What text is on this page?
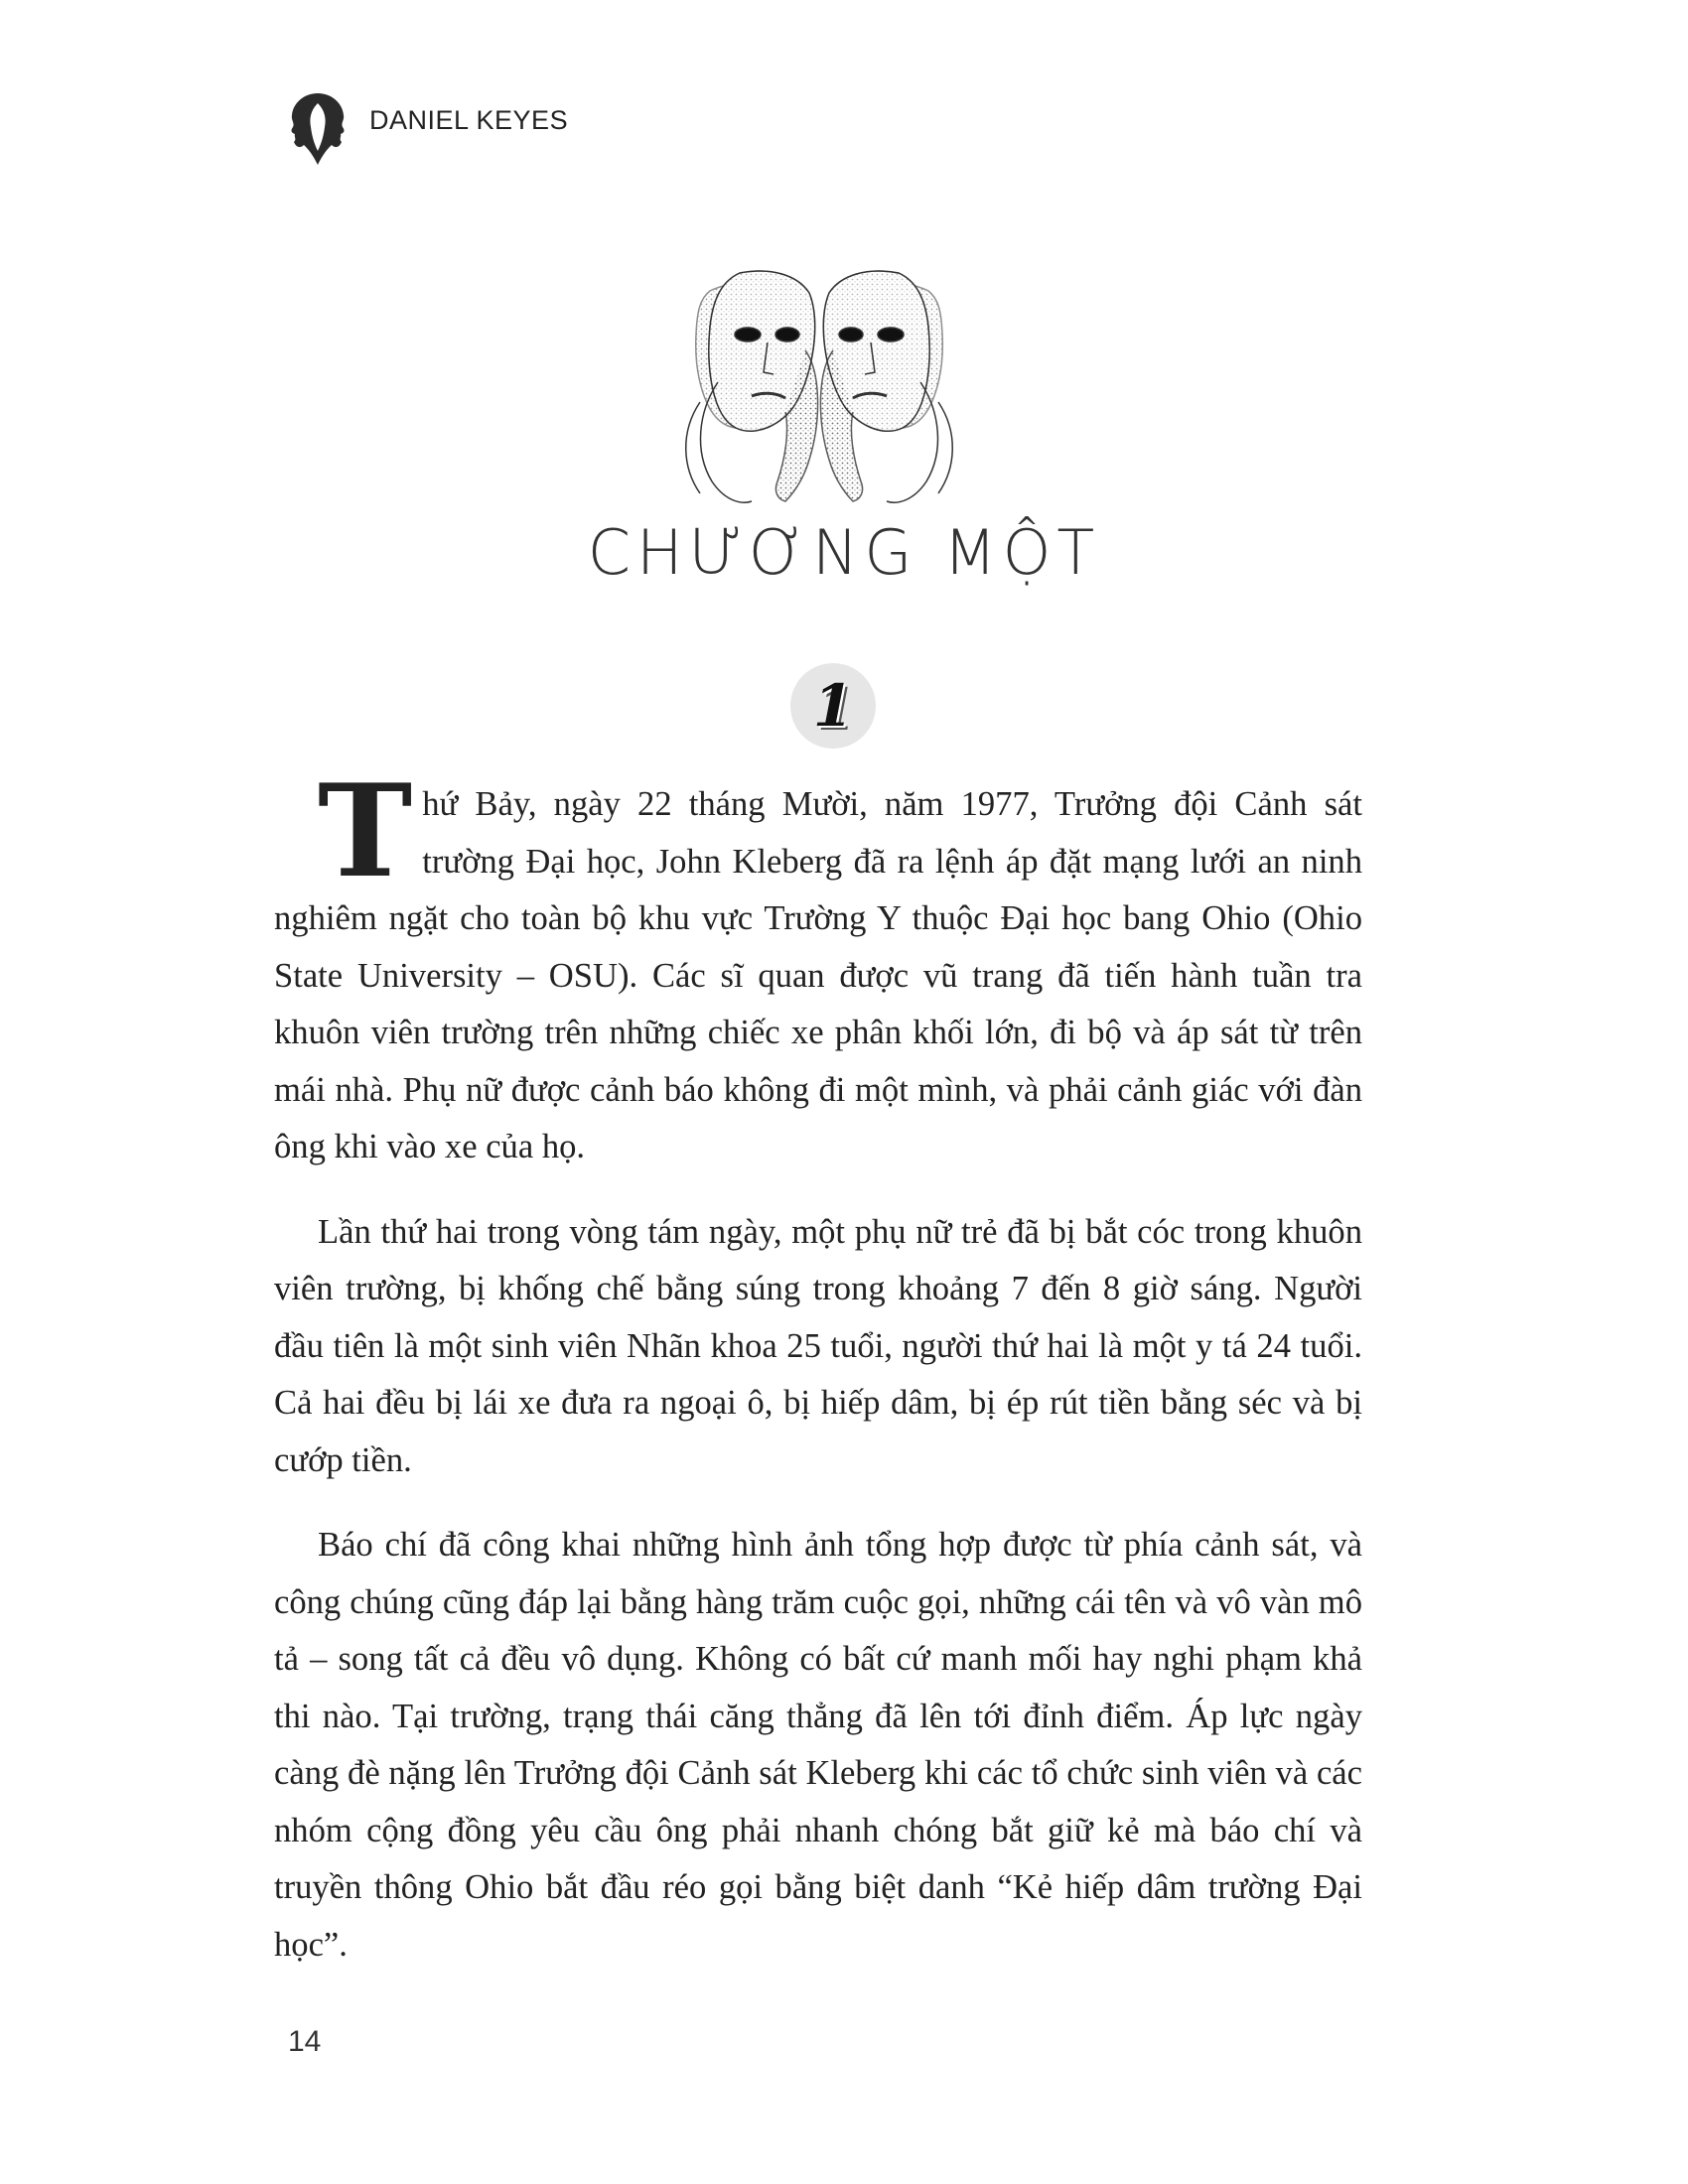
DANIEL KEYES
CHƯƠNG MỘT
1

Thứ Bảy, ngày 22 tháng Mười, năm 1977, Trưởng đội Cảnh sát trường Đại học, John Kleberg đã ra lệnh áp đặt mạng lưới an ninh nghiêm ngặt cho toàn bộ khu vực Trường Y thuộc Đại học bang Ohio (Ohio State University – OSU). Các sĩ quan được vũ trang đã tiến hành tuần tra khuôn viên trường trên những chiếc xe phân khối lớn, đi bộ và áp sát từ trên mái nhà. Phụ nữ được cảnh báo không đi một mình, và phải cảnh giác với đàn ông khi vào xe của họ.

Lần thứ hai trong vòng tám ngày, một phụ nữ trẻ đã bị bắt cóc trong khuôn viên trường, bị khống chế bằng súng trong khoảng 7 đến 8 giờ sáng. Người đầu tiên là một sinh viên Nhãn khoa 25 tuổi, người thứ hai là một y tá 24 tuổi. Cả hai đều bị lái xe đưa ra ngoại ô, bị hiếp dâm, bị ép rút tiền bằng séc và bị cướp tiền.

Báo chí đã công khai những hình ảnh tổng hợp được từ phía cảnh sát, và công chúng cũng đáp lại bằng hàng trăm cuộc gọi, những cái tên và vô vàn mô tả – song tất cả đều vô dụng. Không có bất cứ manh mối hay nghi phạm khả thi nào. Tại trường, trạng thái căng thẳng đã lên tới đỉnh điểm. Áp lực ngày càng đè nặng lên Trưởng đội Cảnh sát Kleberg khi các tổ chức sinh viên và các nhóm cộng đồng yêu cầu ông phải nhanh chóng bắt giữ kẻ mà báo chí và truyền thông Ohio bắt đầu réo gọi bằng biệt danh “Kẻ hiếp dâm trường Đại học”.

14
